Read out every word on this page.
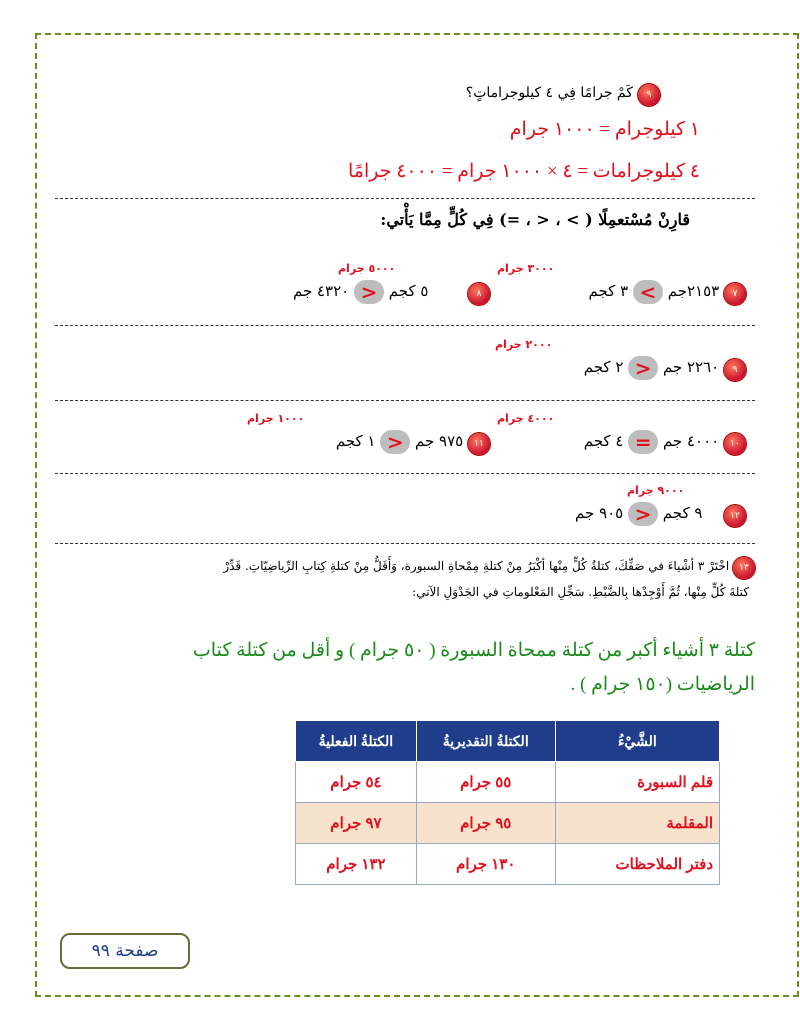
٩ كَمْ جرامًا فِي ٤ كيلوجراماتٍ؟
١ كيلوجرام = ١٠٠٠ جرام
٤ كيلوجرامات = ٤ × ١٠٠٠ جرام = ٤٠٠٠ جرامًا
قارِنْ مُسْتعمِلًا ( > ، < ، =) فِي كُلٍّ مِمَّا يَأْتي:
٣٠٠٠ جرام
٧ ٢١٥٣جم > ٣ كجم
٥٠٠٠ جرام
٨  ٥ كجم < ٤٣٢٠ جم
٢٠٠٠ جرام
٩ ٢٢٦٠ جم < ٢ كجم
٤٠٠٠ جرام
١٠ ٤٠٠٠ جم = ٤ كجم
١٠٠٠ جرام
١١ ٩٧٥ جم < ١ كجم
٩٠٠٠ جرام
١٢  ٩ كجم < ٩٠٥ جم
١٣ اخْتَرْ ٣ أشْياءَ في صَفِّكَ، كتلةُ كُلٍّ مِنْها أكْبَرُ مِنْ كتلةِ مِمْحاةِ السبورة، وَأَقَلُّ مِنْ كتلةِ كِتابِ الرِّياضِيّاتِ. قَدِّرْ
كتلةَ كُلٍّ مِنْها، ثُمَّ أَوْجِدْها بِالضَّبْطِ. سَجِّلِ المَعْلوماتِ في الجَدْوَلِ الآتي:
كتلة ٣ أشياء أكبر من كتلة ممحاة السبورة ( ٥٠ جرام ) و أقل من كتلة كتاب
الرياضيات (١٥٠ جرام ) .
الشَّيْءُ	الكتلةُ التقديريةُ	الكتلةُ الفعليةُ
قلم السبورة	٥٥ جرام	٥٤ جرام
المقلمة	٩٥ جرام	٩٧ جرام
دفتر الملاحظات	١٣٠ جرام	١٣٢ جرام
صفحة ٩٩
